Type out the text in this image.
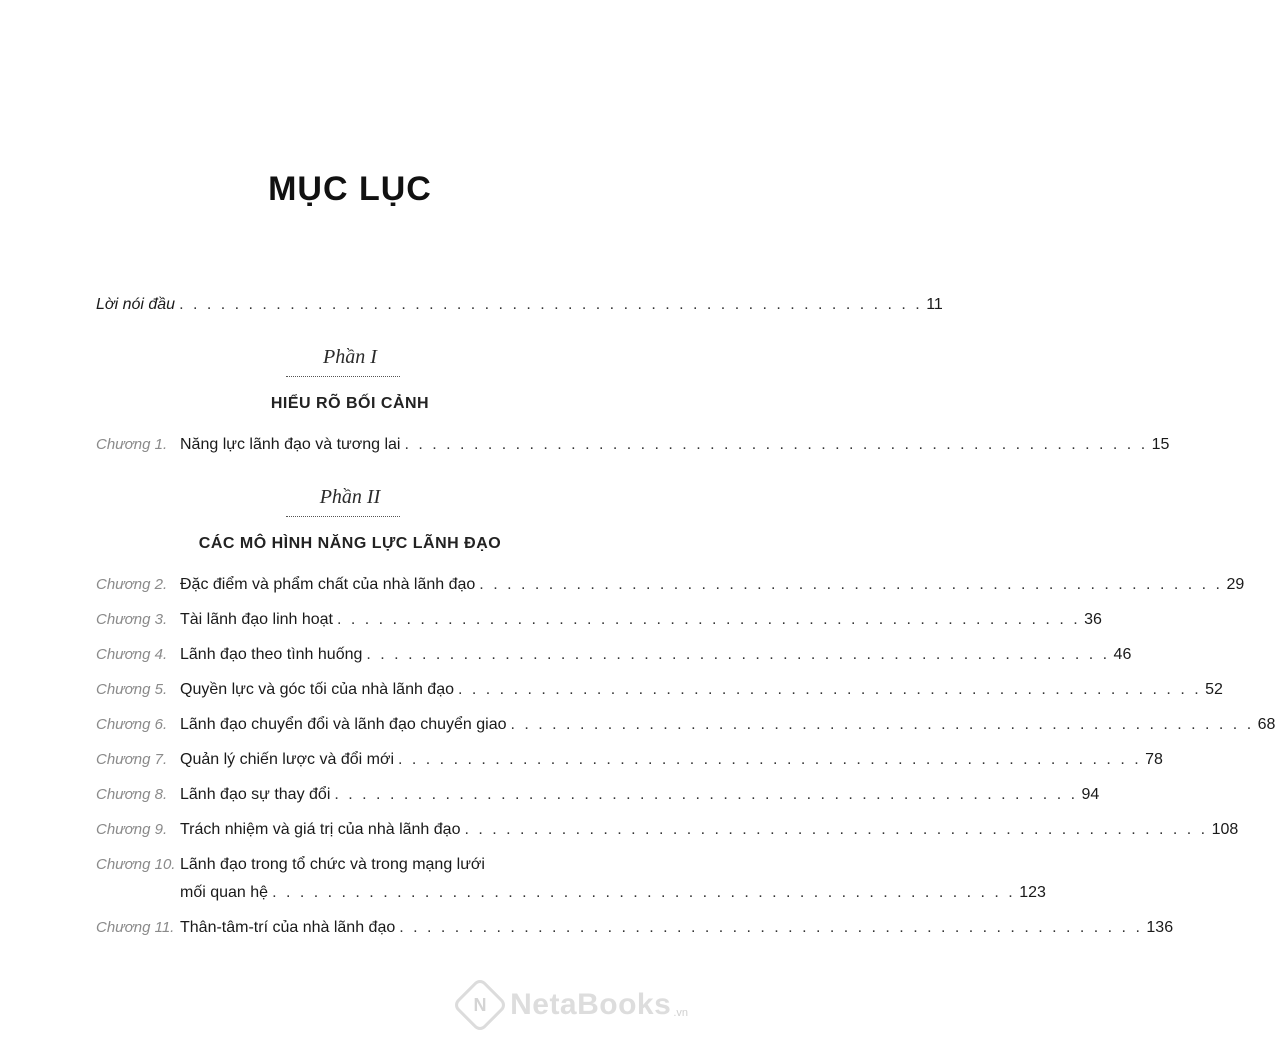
MỤC LỤC
Lời nói đầu . . . . . . . . . . . . . . . . . . . . . . . . . . . . . . . . . . . . . . . . . . . . . . . . . . . . . . 11
Phần I
HIỂU RÕ BỐI CẢNH
Chương 1. Năng lực lãnh đạo và tương lai . . . . . . . . . . . . . . . . . . . . . . . . . . . . . . . . . . . . . . . . . . . . . . . . . . . . . . 15
Phần II
CÁC MÔ HÌNH NĂNG LỰC LÃNH ĐẠO
Chương 2. Đặc điểm và phẩm chất của nhà lãnh đạo . . . . . . . . . . . . . . . . . . . . . . . . . . . . . . . . . . . . . . . . . . . . . . . . . . . . . . 29
Chương 3. Tài lãnh đạo linh hoạt . . . . . . . . . . . . . . . . . . . . . . . . . . . . . . . . . . . . . . . . . . . . . . . . . . . . . . 36
Chương 4. Lãnh đạo theo tình huống . . . . . . . . . . . . . . . . . . . . . . . . . . . . . . . . . . . . . . . . . . . . . . . . . . . . . . 46
Chương 5. Quyền lực và góc tối của nhà lãnh đạo . . . . . . . . . . . . . . . . . . . . . . . . . . . . . . . . . . . . . . . . . . . . . . . . . . . . . . 52
Chương 6. Lãnh đạo chuyển đổi và lãnh đạo chuyển giao . . . . . . . . . . . . . . . . . . . . . . . . . . . . . . . . . . . . . . . . . . . . . . . . . . . . . . 68
Chương 7. Quản lý chiến lược và đổi mới . . . . . . . . . . . . . . . . . . . . . . . . . . . . . . . . . . . . . . . . . . . . . . . . . . . . . . 78
Chương 8. Lãnh đạo sự thay đổi . . . . . . . . . . . . . . . . . . . . . . . . . . . . . . . . . . . . . . . . . . . . . . . . . . . . . . 94
Chương 9. Trách nhiệm và giá trị của nhà lãnh đạo . . . . . . . . . . . . . . . . . . . . . . . . . . . . . . . . . . . . . . . . . . . . . . . . . . . . . . 108
Chương 10. Lãnh đạo trong tổ chức và trong mạng lưới
mối quan hệ . . . . . . . . . . . . . . . . . . . . . . . . . . . . . . . . . . . . . . . . . . . . . . . . . . . . . . 123
Chương 11. Thân-tâm-trí của nhà lãnh đạo . . . . . . . . . . . . . . . . . . . . . . . . . . . . . . . . . . . . . . . . . . . . . . . . . . . . . . 136
N NetaBooks .vn
